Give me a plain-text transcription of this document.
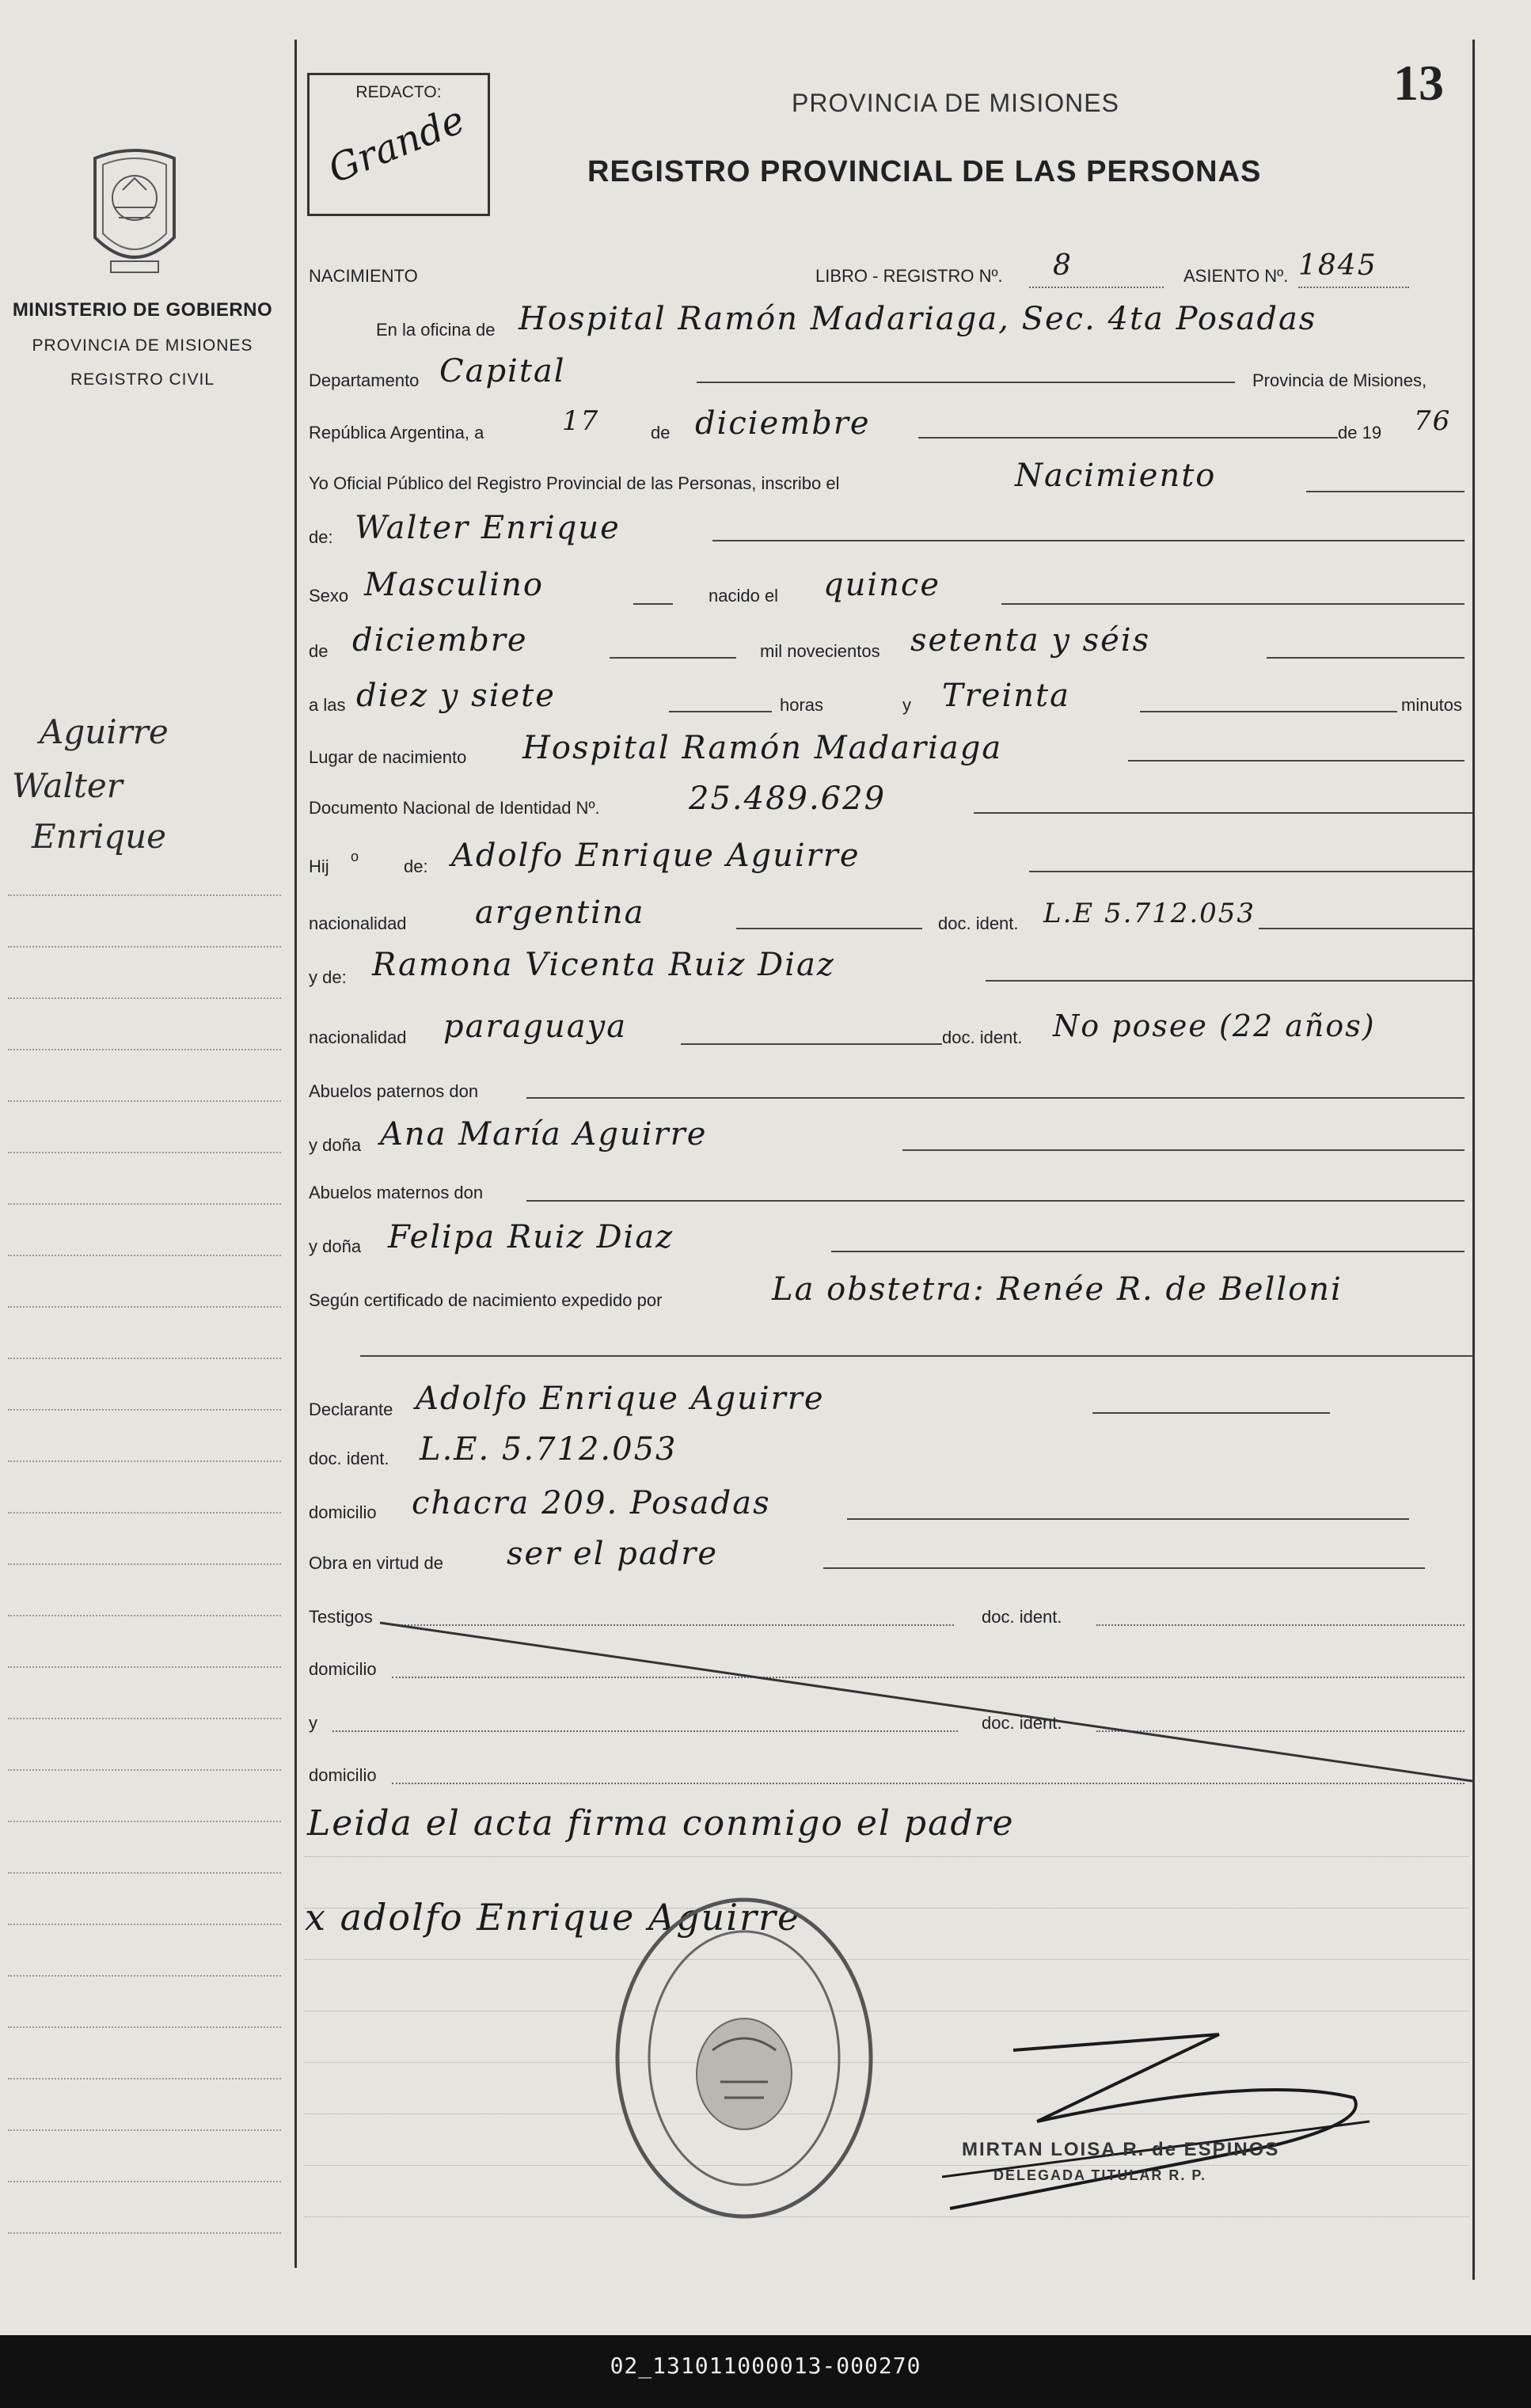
MINISTERIO DE GOBIERNO
PROVINCIA DE MISIONES
REGISTRO CIVIL
Aguirre
Walter
Enrique
REDACTO:
Grande	PROVINCIA DE MISIONES
REGISTRO PROVINCIAL DE LAS PERSONAS
13
NACIMIENTO	LIBRO - REGISTRO Nº. 8	ASIENTO Nº. 1845
En la oficina de Hospital Ramón Madariaga, Sec. 4ta Posadas
Departamento Capital	Provincia de Misiones,
República Argentina, a	17	de diciembre	de 19 76
Yo Oficial Público del Registro Provincial de las Personas, inscribo el	Nacimiento
de: Walter Enrique
Sexo Masculino	nacido el quince
de diciembre	mil novecientos setenta y séis
a las diez y siete	horas	y Treinta	minutos
Lugar de nacimiento Hospital Ramón Madariaga
Documento Nacional de Identidad Nº.	25.489.629
Hij o	de: Adolfo Enrique Aguirre
nacionalidad argentina	doc. ident. L.E 5.712.053
y de: Ramona Vicenta Ruiz Diaz
nacionalidad paraguaya	doc. ident. No posee (22 años)
Abuelos paternos don
y doña Ana María Aguirre
Abuelos maternos don
y doña Felipa Ruiz Diaz
Según certificado de nacimiento expedido por	La obstetra: Renée R. de Belloni
Declarante Adolfo Enrique Aguirre
doc. ident. L.E. 5.712.053
domicilio chacra 209. Posadas
Obra en virtud de ser el padre
Testigos	doc. ident.
domicilio
y	doc. ident.
domicilio
Leida el acta firma conmigo el padre
x adolfo Enrique Aguirre
MIRTAN LOISA R. de ESPINOS
DELEGADA TITULAR R. P.
02_131011000013-000270
